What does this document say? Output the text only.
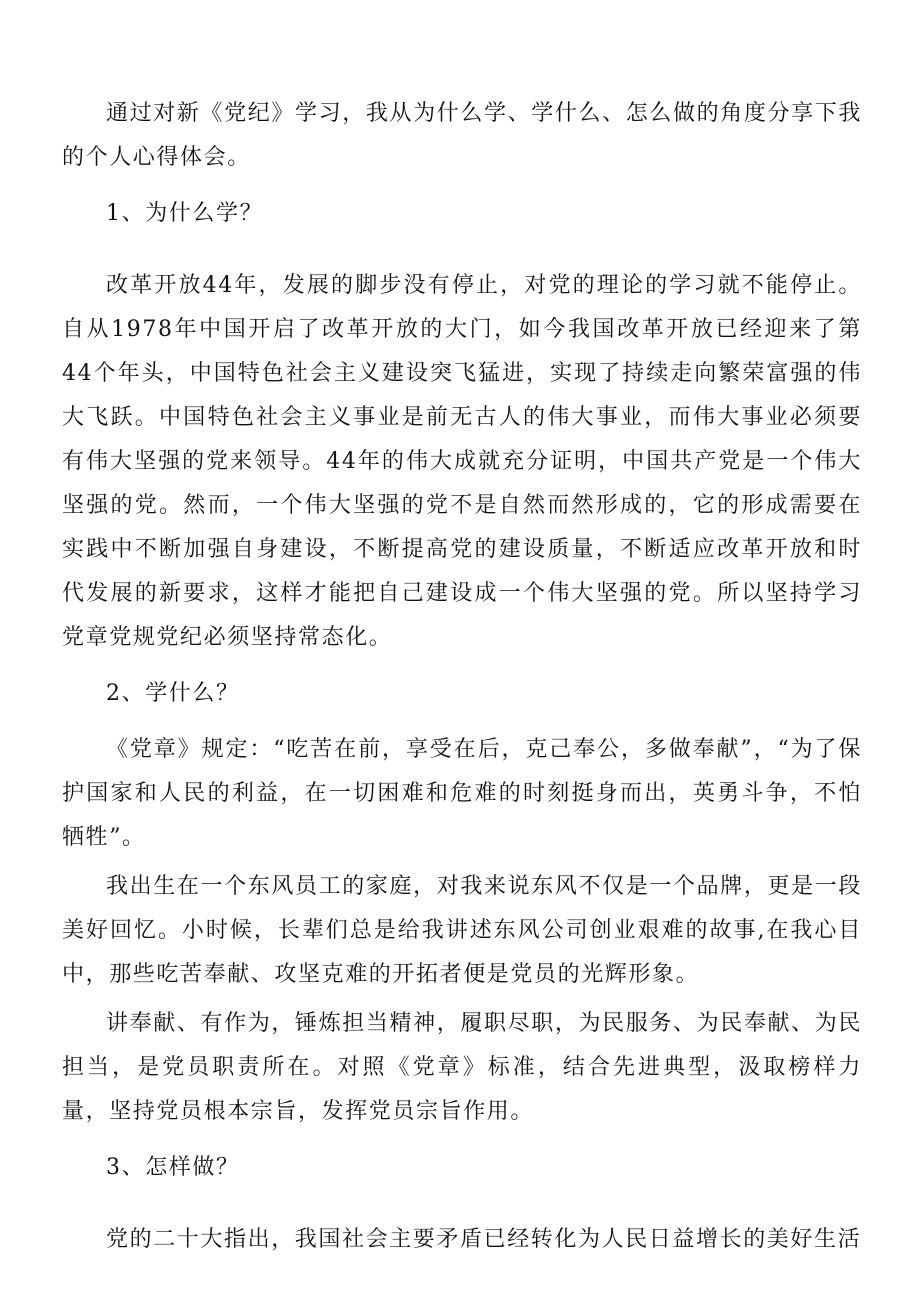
通过对新《党纪》学习，我从为什么学、学什么、怎么做的角度分享下我的个人心得体会。

1、为什么学？

改革开放44年，发展的脚步没有停止，对党的理论的学习就不能停止。自从1978年中国开启了改革开放的大门，如今我国改革开放已经迎来了第44个年头，中国特色社会主义建设突飞猛进，实现了持续走向繁荣富强的伟大飞跃。中国特色社会主义事业是前无古人的伟大事业，而伟大事业必须要有伟大坚强的党来领导。44年的伟大成就充分证明，中国共产党是一个伟大坚强的党。然而，一个伟大坚强的党不是自然而然形成的，它的形成需要在实践中不断加强自身建设，不断提高党的建设质量，不断适应改革开放和时代发展的新要求，这样才能把自己建设成一个伟大坚强的党。所以坚持学习党章党规党纪必须坚持常态化。

2、学什么？

《党章》规定：“吃苦在前，享受在后，克己奉公，多做奉献”，“为了保护国家和人民的利益，在一切困难和危难的时刻挺身而出，英勇斗争，不怕牺牲”。

我出生在一个东风员工的家庭，对我来说东风不仅是一个品牌，更是一段美好回忆。小时候，长辈们总是给我讲述东风公司创业艰难的故事,在我心目中，那些吃苦奉献、攻坚克难的开拓者便是党员的光辉形象。

讲奉献、有作为，锤炼担当精神，履职尽职，为民服务、为民奉献、为民担当，是党员职责所在。对照《党章》标准，结合先进典型，汲取榜样力量，坚持党员根本宗旨，发挥党员宗旨作用。

3、怎样做？

党的二十大指出，我国社会主要矛盾已经转化为人民日益增长的美好生活
